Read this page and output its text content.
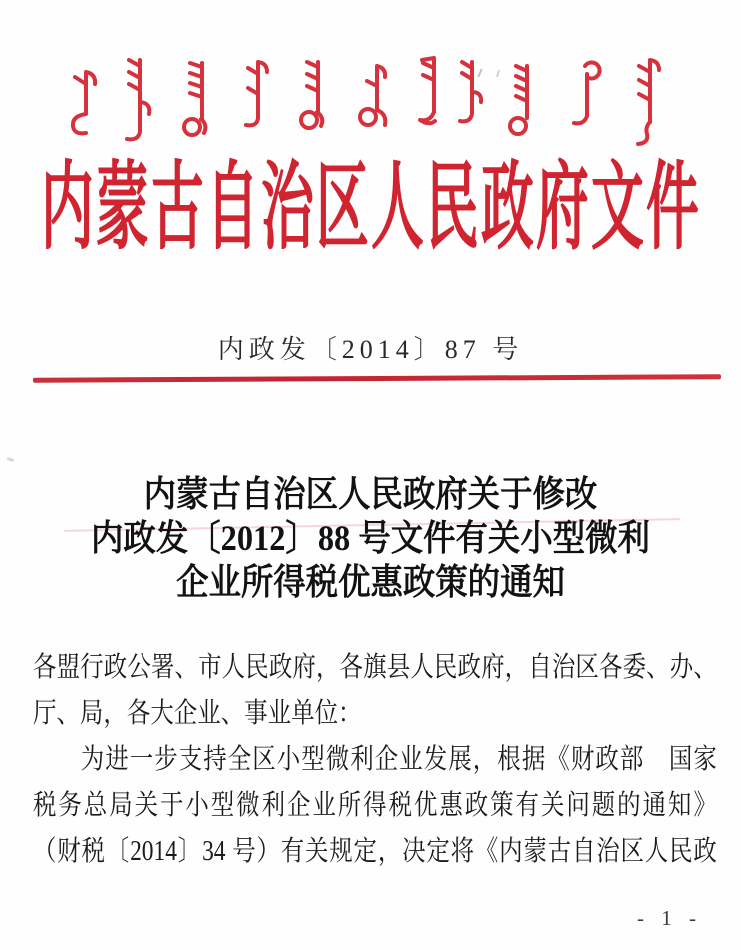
内蒙古自治区人民政府文件
内政发〔2014〕87 号
内蒙古自治区人民政府关于修改
内政发〔2012〕88 号文件有关小型微利
企业所得税优惠政策的通知
各盟行政公署、市人民政府，各旗县人民政府，自治区各委、办、
厅、局，各大企业、事业单位：
为进一步支持全区小型微利企业发展，根据《财政部　国家
税务总局关于小型微利企业所得税优惠政策有关问题的通知》
（财税〔2014〕34 号）有关规定，决定将《内蒙古自治区人民政
- 1 -
